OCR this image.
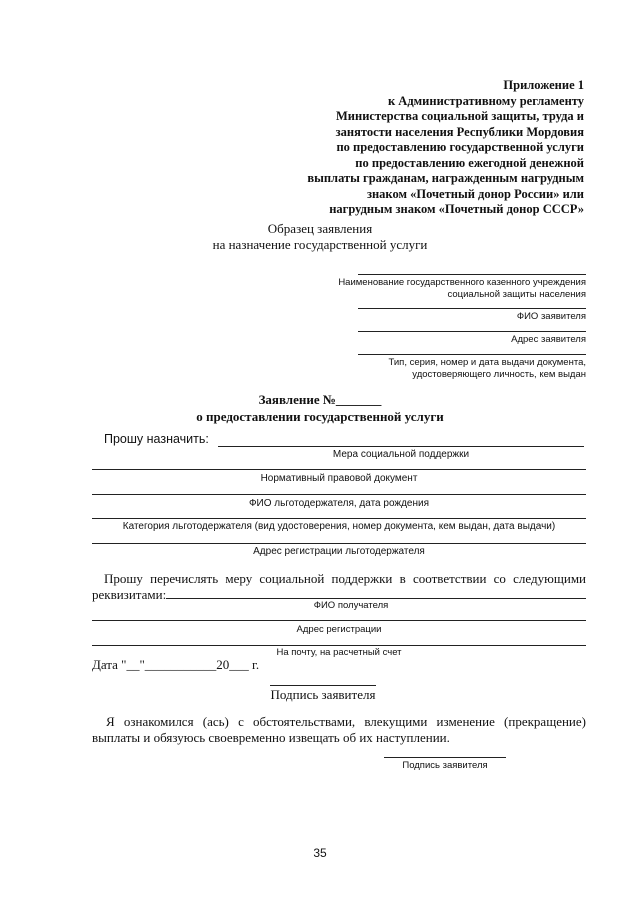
Приложение 1
к Административному регламенту
Министерства социальной защиты, труда и
занятости населения Республики Мордовия
по предоставлению государственной услуги
по предоставлению ежегодной денежной
выплаты гражданам, награжденным нагрудным
знаком «Почетный донор России» или
нагрудным знаком «Почетный донор СССР»
Образец заявления
на назначение государственной услуги
Наименование государственного казенного учреждения
социальной защиты населения
ФИО заявителя
Адрес заявителя
Тип, серия, номер и дата выдачи документа,
удостоверяющего личность, кем выдан
Заявление №_______
о предоставлении государственной услуги
Прошу назначить:
Мера социальной поддержки
Нормативный правовой документ
ФИО льготодержателя, дата рождения
Категория льготодержателя (вид удостоверения, номер документа, кем выдан, дата выдачи)
Адрес регистрации льготодержателя
Прошу перечислять меру социальной поддержки в соответствии со следующими
реквизитами:
ФИО получателя
Адрес регистрации
На почту, на расчетный счет
Дата "__"___________20___ г.
Подпись заявителя
Я ознакомился (ась) с обстоятельствами, влекущими изменение (прекращение)
выплаты и обязуюсь своевременно извещать об их наступлении.
Подпись заявителя
35
